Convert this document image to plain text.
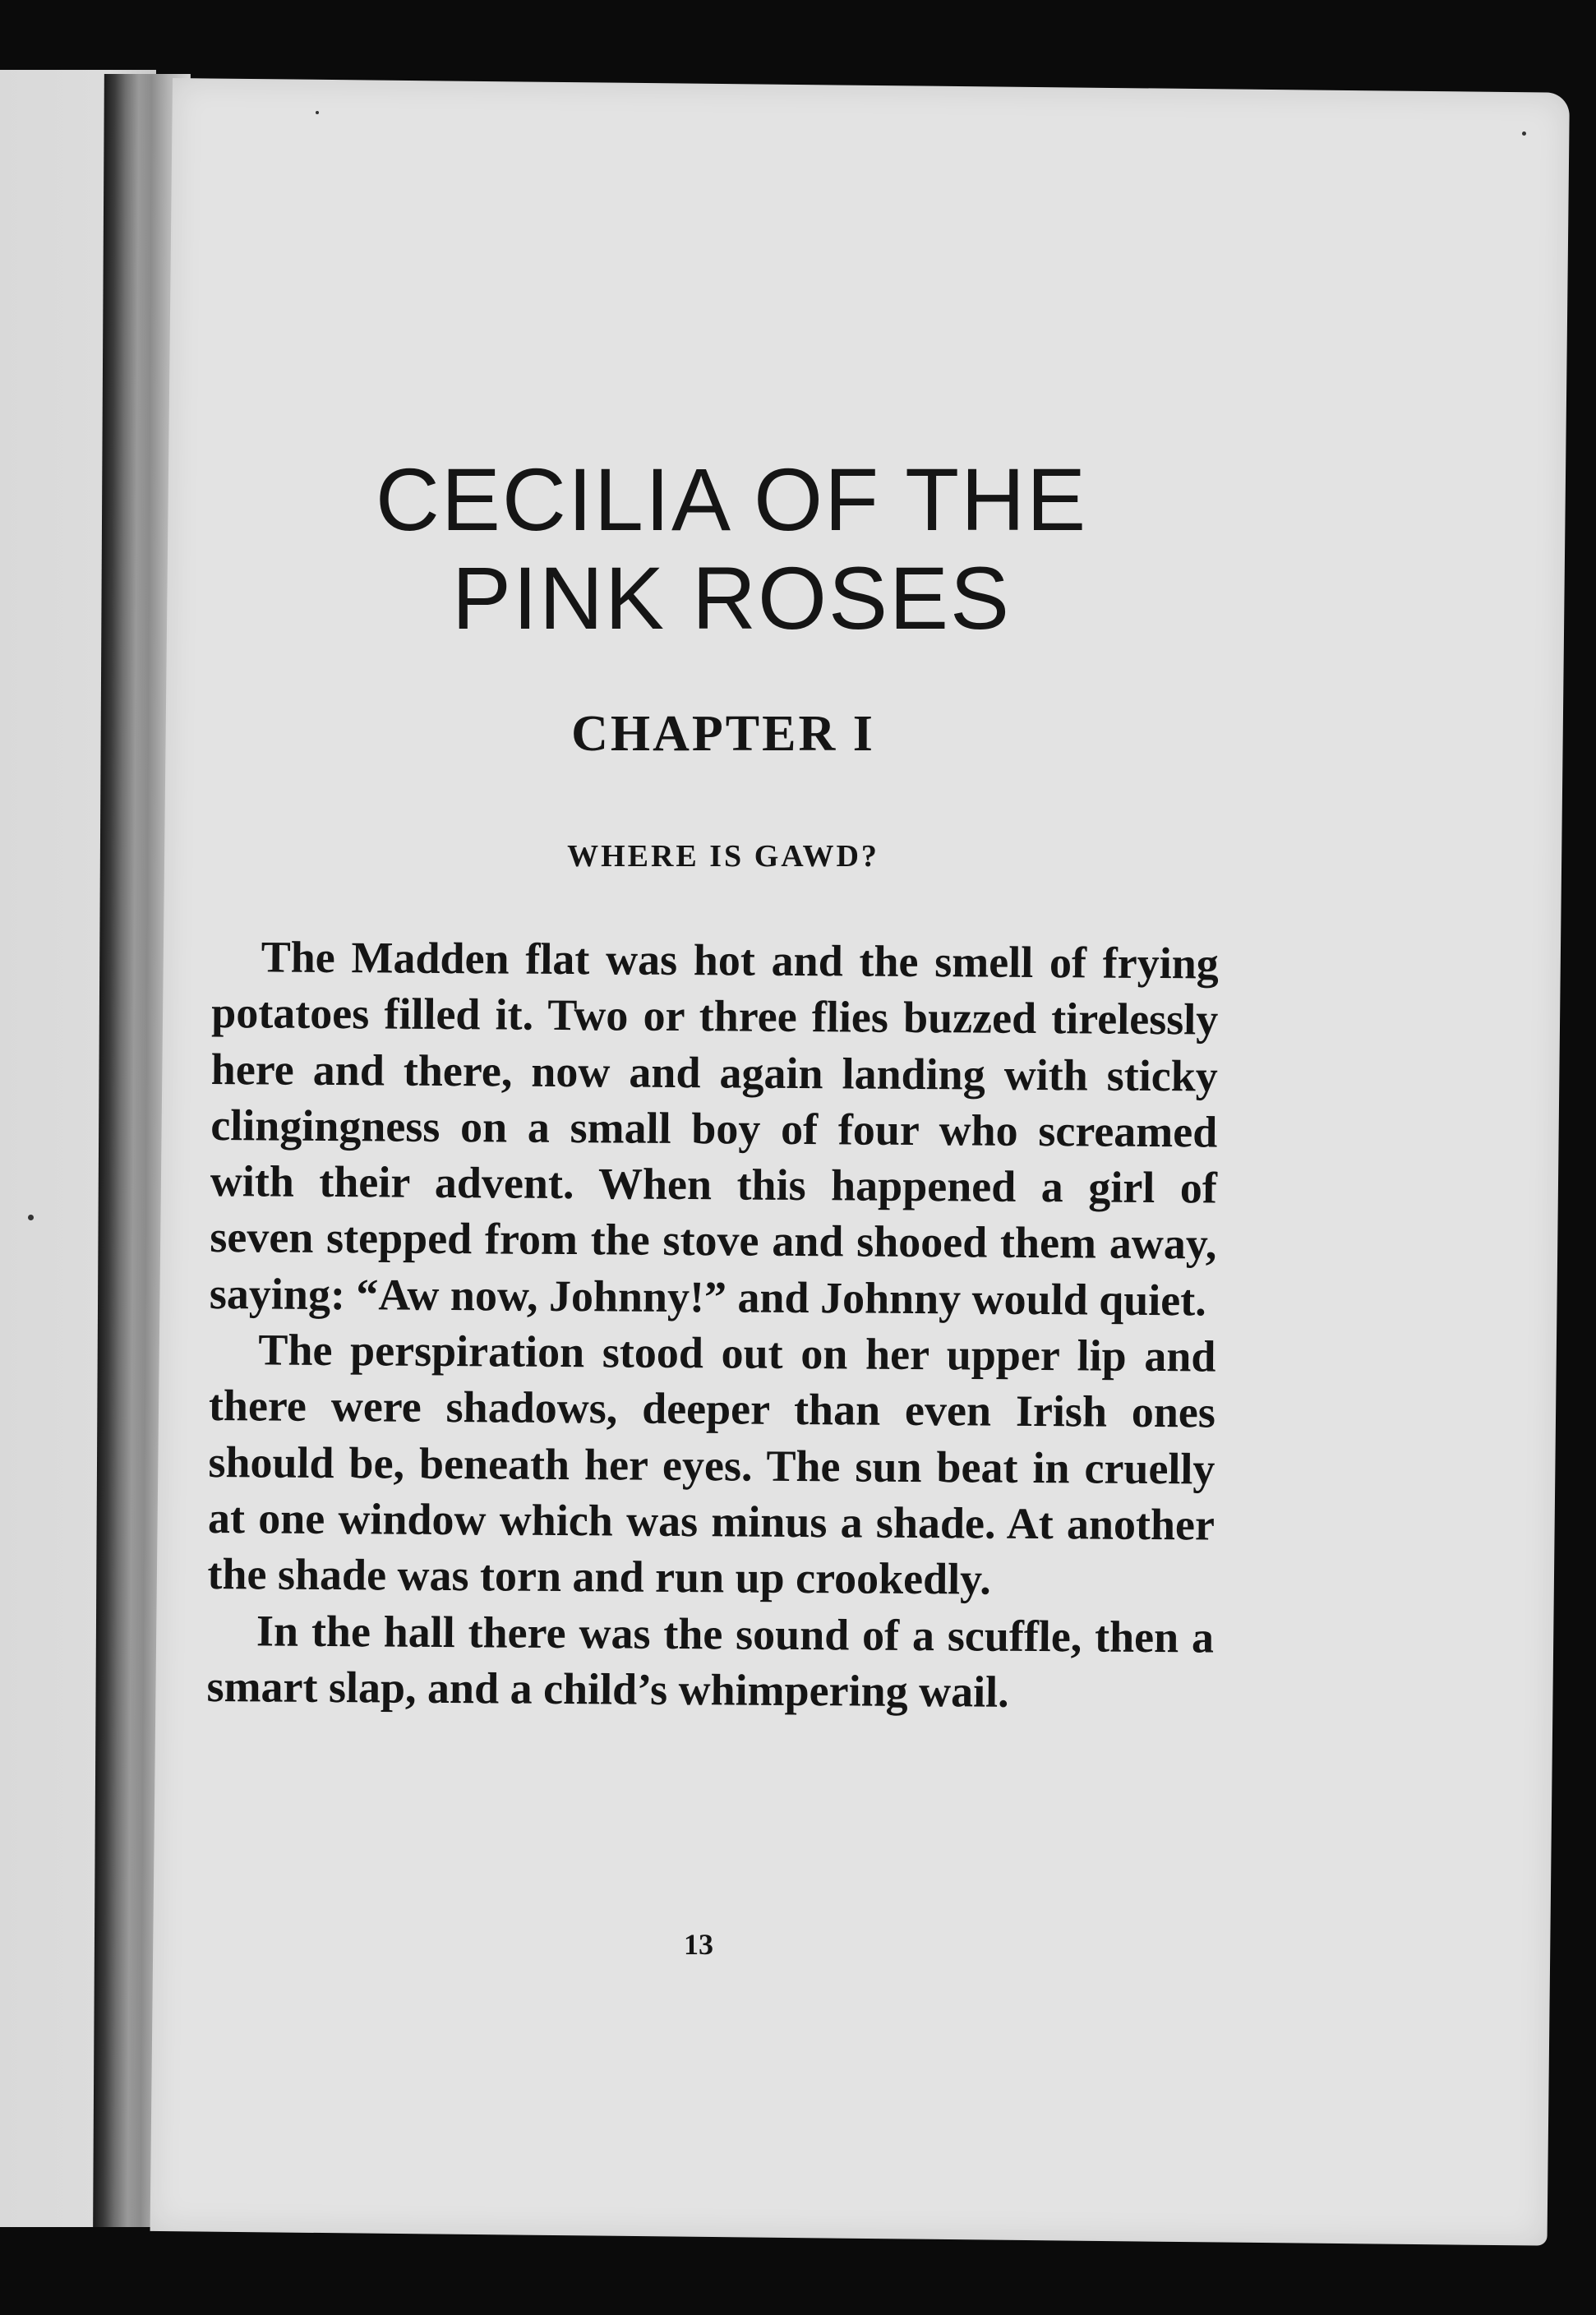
CECILIA OF THE
PINK ROSES
CHAPTER I
WHERE IS GAWD?

The Madden flat was hot and the smell of frying potatoes filled it. Two or three flies buzzed tirelessly here and there, now and again landing with sticky clingingness on a small boy of four who screamed with their advent. When this happened a girl of seven stepped from the stove and shooed them away, saying: “Aw now, Johnny!” and Johnny would quiet.

The perspiration stood out on her upper lip and there were shadows, deeper than even Irish ones should be, beneath her eyes. The sun beat in cruelly at one window which was minus a shade. At another the shade was torn and run up crookedly.

In the hall there was the sound of a scuffle, then a smart slap, and a child’s whimpering wail.

13
